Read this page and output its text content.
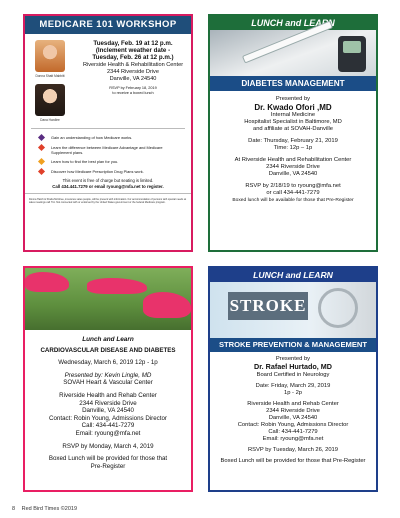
MEDICARE 101 WORKSHOP
Donna Shatt Mabbitt
Dana Hardlee
Tuesday, Feb. 19 at 12 p.m.
(Inclement weather date -
Tuesday, Feb. 26 at 12 p.m.)
Riverside Health & Rehabilitation Center
2344 Riverside Drive
Danville, VA 24540
RSVP by February 18, 2019
to receive a boxed lunch
Gain an understanding of how Medicare works.
Learn the difference between Medicare Advantage and Medicare Supplement plans.
Learn how to find the best plan for you.
Discover how Medicare Prescription Drug Plans work.
This event is free of charge but seating is limited.
Call 434.441.7279 or email ryoung@mfa.net to register.
Donna Hatch & Sheila McGhee, insurance sales people, will be present with information. For accommodation of persons with special needs at sales meetings call 711. Not connected with or endorsed by the United States government or the federal Medicare program.
LUNCH and LEARN
DIABETES MANAGEMENT
Presented by
Dr. Kwado Ofori ,MD
Internal Medicine
Hospitalist Specialist in Baltimore, MD
and affiliate at SOVAH-Danville
Date: Thursday, February 21, 2019
Time: 12p – 1p
At Riverside Health and Rehabilitation Center
2344 Riverside Drive
Danville, VA 24540
RSVP by 2/18/19 to ryoung@mfa.net
or call 434-441-7279
Boxed lunch will be available for those that Pre-Register
Lunch and Learn
CARDIOVASCULAR DISEASE AND DIABETES
Wednesday, March 6, 2019 12p - 1p
Presented by: Kevin Lingle, MD
SOVAH Heart & Vascular Center
Riverside Health and Rehab Center
2344 Riverside Drive
Danville, VA 24540
Contact: Robin Young, Admissions Director
Call: 434-441-7279
Email: ryoung@mfa.net
RSVP by Monday, March 4, 2019
Boxed Lunch will be provided for those that
Pre-Register
LUNCH and LEARN
STROKE
STROKE PREVENTION & MANAGEMENT
Presented by
Dr. Rafael Hurtado, MD
Board Certified in Neurology
Date: Friday, March 29, 2019
1p - 2p
Riverside Health and Rehab Center
2344 Riverside Drive
Danville, VA 24540
Contact: Robin Young, Admissions Director
Call: 434-441-7279
Email: ryoung@mfa.net
RSVP by Tuesday, March 26, 2019
Boxed Lunch will be provided for those that Pre-Register
8 Red Bird Times ©2019
